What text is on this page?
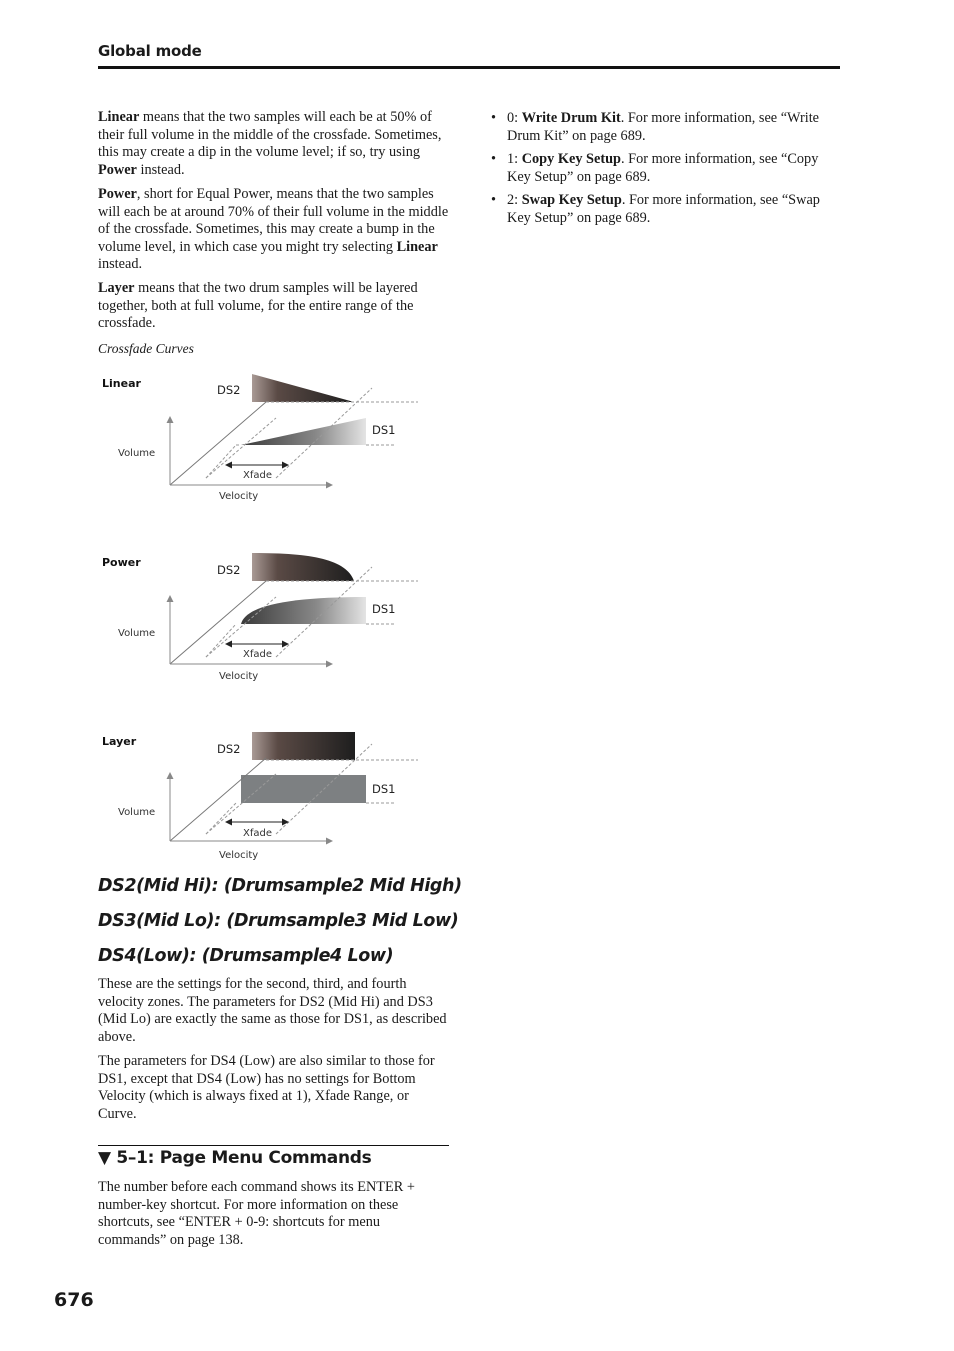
Global mode

Linear means that the two samples will each be at 50% of their full volume in the middle of the crossfade. Sometimes, this may create a dip in the volume level; if so, try using Power instead.

Power, short for Equal Power, means that the two samples will each be at around 70% of their full volume in the middle of the crossfade. Sometimes, this may create a bump in the volume level, in which case you might try selecting Linear instead.

Layer means that the two drum samples will be layered together, both at full volume, for the entire range of the crossfade.

Crossfade Curves
Linear	DS2
DS1
Volume
Xfade
Velocity
Power
DS2
DS1
Volume
Xfade
Velocity
Layer
DS2
DS1
Volume
Xfade
Velocity
DS2(Mid Hi): (Drumsample2 Mid High)
DS3(Mid Lo): (Drumsample3 Mid Low)
DS4(Low): (Drumsample4 Low)

These are the settings for the second, third, and fourth velocity zones. The parameters for DS2 (Mid Hi) and DS3 (Mid Lo) are exactly the same as those for DS1, as described above.

The parameters for DS4 (Low) are also similar to those for DS1, except that DS4 (Low) has no settings for Bottom Velocity (which is always fixed at 1), Xfade Range, or Curve.

▼ 5–1: Page Menu Commands

The number before each command shows its ENTER + number-key shortcut. For more information on these shortcuts, see “ENTER + 0-9: shortcuts for menu commands” on page 138.

• 0: Write Drum Kit. For more information, see “Write Drum Kit” on page 689.
• 1: Copy Key Setup. For more information, see “Copy Key Setup” on page 689.
• 2: Swap Key Setup. For more information, see “Swap Key Setup” on page 689.
676
